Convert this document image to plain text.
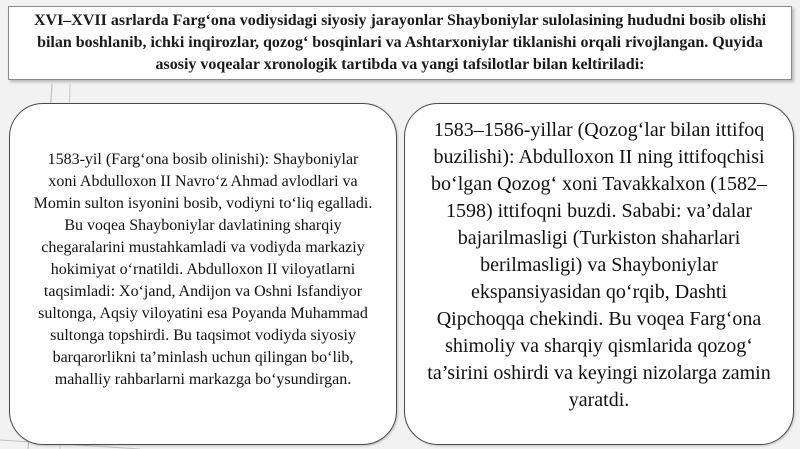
XVI–XVII asrlarda Farg‘ona vodiysidagi siyosiy jarayonlar Shayboniylar sulolasining hududni bosib olishi bilan boshlanib, ichki inqirozlar, qozog‘ bosqinlari va Ashtarxoniylar tiklanishi orqali rivojlangan. Quyida asosiy voqealar xronologik tartibda va yangi tafsilotlar bilan keltiriladi:

1583-yil (Farg‘ona bosib olinishi): Shayboniylar xoni Abdulloxon II Navro‘z Ahmad avlodlari va Momin sulton isyonini bosib, vodiyni to‘liq egalladi. Bu voqea Shayboniylar davlatining sharqiy chegaralarini mustahkamladi va vodiyda markaziy hokimiyat o‘rnatildi. Abdulloxon II viloyatlarni taqsimladi: Xo‘jand, Andijon va Oshni Isfandiyor sultonga, Aqsiy viloyatini esa Poyanda Muhammad sultonga topshirdi. Bu taqsimot vodiyda siyosiy barqarorlikni ta’minlash uchun qilingan bo‘lib, mahalliy rahbarlarni markazga bo‘ysundirgan.

1583–1586-yillar (Qozog‘lar bilan ittifoq buzilishi): Abdulloxon II ning ittifoqchisi bo‘lgan Qozog‘ xoni Tavakkalxon (1582–1598) ittifoqni buzdi. Sababi: va’dalar bajarilmasligi (Turkiston shaharlari berilmasligi) va Shayboniylar ekspansiyasidan qo‘rqib, Dashti Qipchoqqa chekindi. Bu voqea Farg‘ona shimoliy va sharqiy qismlarida qozog‘ ta’sirini oshirdi va keyingi nizolarga zamin yaratdi.
